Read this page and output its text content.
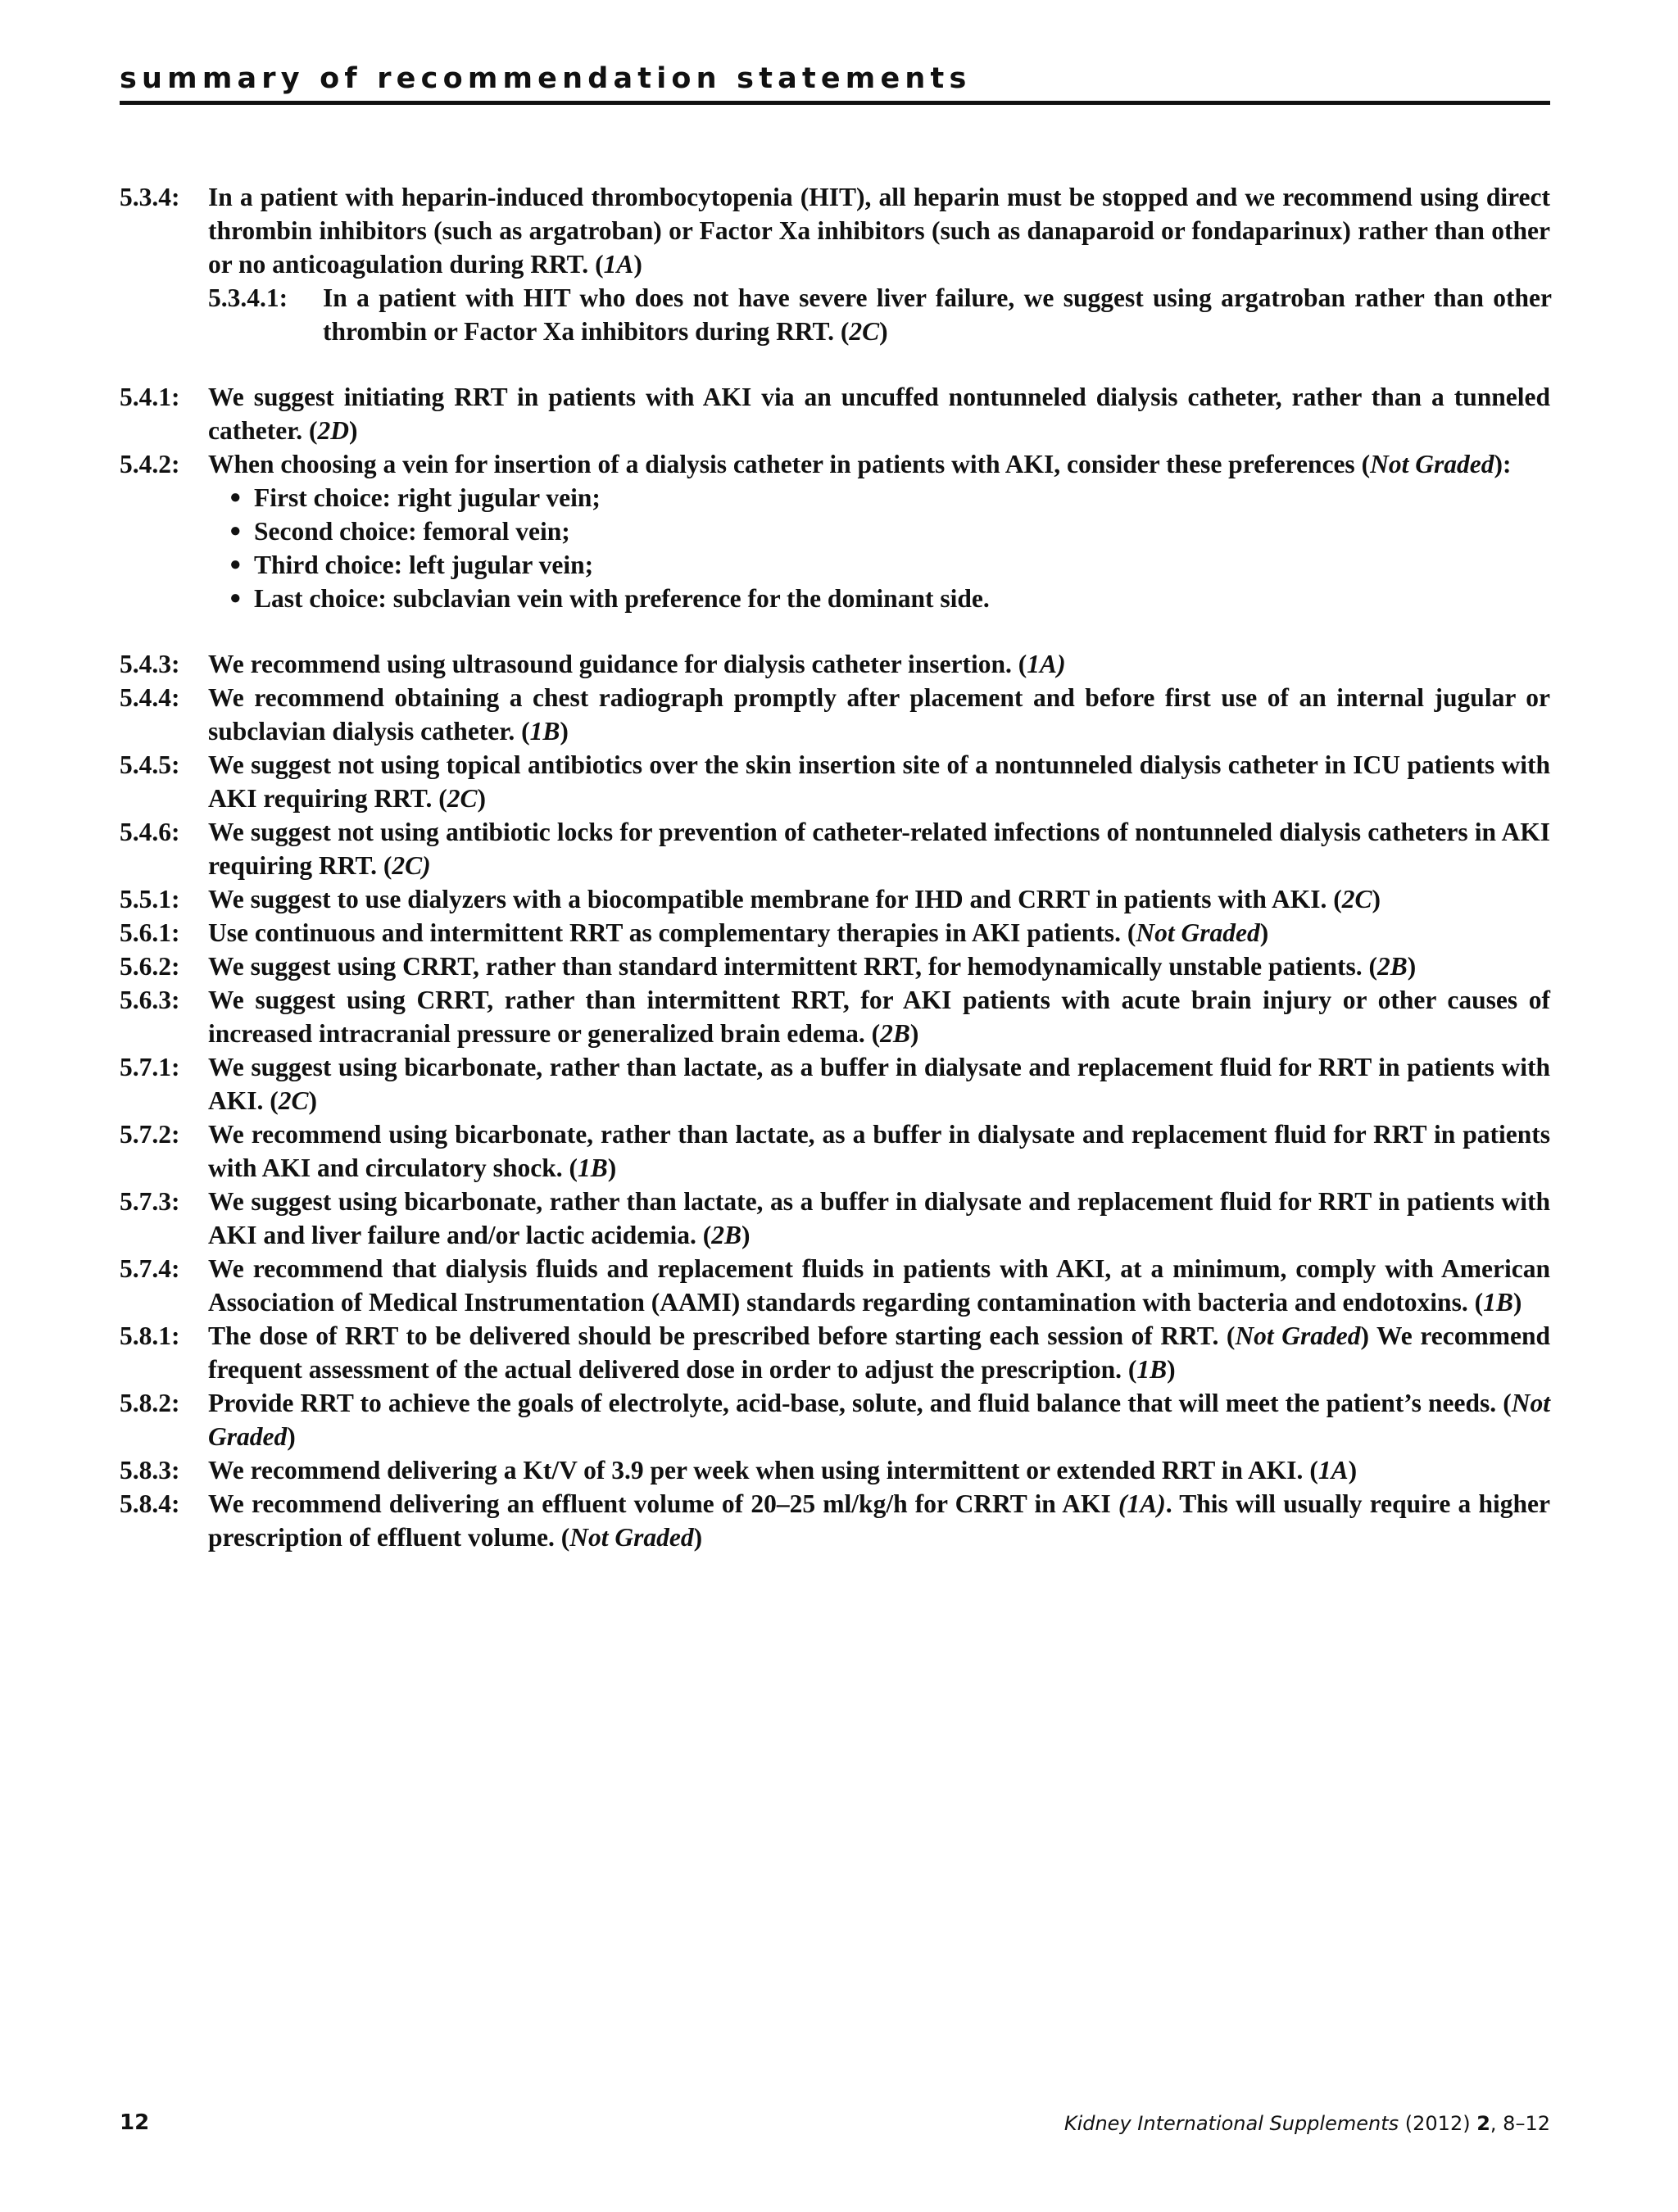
summary of recommendation statements
5.3.4:	In a patient with heparin-induced thrombocytopenia (HIT), all heparin must be stopped and we recommend using direct thrombin inhibitors (such as argatroban) or Factor Xa inhibitors (such as danaparoid or fondaparinux) rather than other or no anticoagulation during RRT. (1A)
5.3.4.1:	In a patient with HIT who does not have severe liver failure, we suggest using argatroban rather than other thrombin or Factor Xa inhibitors during RRT. (2C)
5.4.1:	We suggest initiating RRT in patients with AKI via an uncuffed nontunneled dialysis catheter, rather than a tunneled catheter. (2D)
5.4.2:	When choosing a vein for insertion of a dialysis catheter in patients with AKI, consider these preferences (Not Graded):
● First choice: right jugular vein;
● Second choice: femoral vein;
● Third choice: left jugular vein;
● Last choice: subclavian vein with preference for the dominant side.
5.4.3:	We recommend using ultrasound guidance for dialysis catheter insertion. (1A)
5.4.4:	We recommend obtaining a chest radiograph promptly after placement and before first use of an internal jugular or subclavian dialysis catheter. (1B)
5.4.5:	We suggest not using topical antibiotics over the skin insertion site of a nontunneled dialysis catheter in ICU patients with AKI requiring RRT. (2C)
5.4.6:	We suggest not using antibiotic locks for prevention of catheter-related infections of nontunneled dialysis catheters in AKI requiring RRT. (2C)
5.5.1:	We suggest to use dialyzers with a biocompatible membrane for IHD and CRRT in patients with AKI. (2C)
5.6.1:	Use continuous and intermittent RRT as complementary therapies in AKI patients. (Not Graded)
5.6.2:	We suggest using CRRT, rather than standard intermittent RRT, for hemodynamically unstable patients. (2B)
5.6.3:	We suggest using CRRT, rather than intermittent RRT, for AKI patients with acute brain injury or other causes of increased intracranial pressure or generalized brain edema. (2B)
5.7.1:	We suggest using bicarbonate, rather than lactate, as a buffer in dialysate and replacement fluid for RRT in patients with AKI. (2C)
5.7.2:	We recommend using bicarbonate, rather than lactate, as a buffer in dialysate and replacement fluid for RRT in patients with AKI and circulatory shock. (1B)
5.7.3:	We suggest using bicarbonate, rather than lactate, as a buffer in dialysate and replacement fluid for RRT in patients with AKI and liver failure and/or lactic acidemia. (2B)
5.7.4:	We recommend that dialysis fluids and replacement fluids in patients with AKI, at a minimum, comply with American Association of Medical Instrumentation (AAMI) standards regarding contamination with bacteria and endotoxins. (1B)
5.8.1:	The dose of RRT to be delivered should be prescribed before starting each session of RRT. (Not Graded) We recommend frequent assessment of the actual delivered dose in order to adjust the prescription. (1B)
5.8.2:	Provide RRT to achieve the goals of electrolyte, acid-base, solute, and fluid balance that will meet the patient’s needs. (Not Graded)
5.8.3:	We recommend delivering a Kt/V of 3.9 per week when using intermittent or extended RRT in AKI. (1A)
5.8.4:	We recommend delivering an effluent volume of 20–25 ml/kg/h for CRRT in AKI (1A). This will usually require a higher prescription of effluent volume. (Not Graded)
12	Kidney International Supplements (2012) 2, 8–12
